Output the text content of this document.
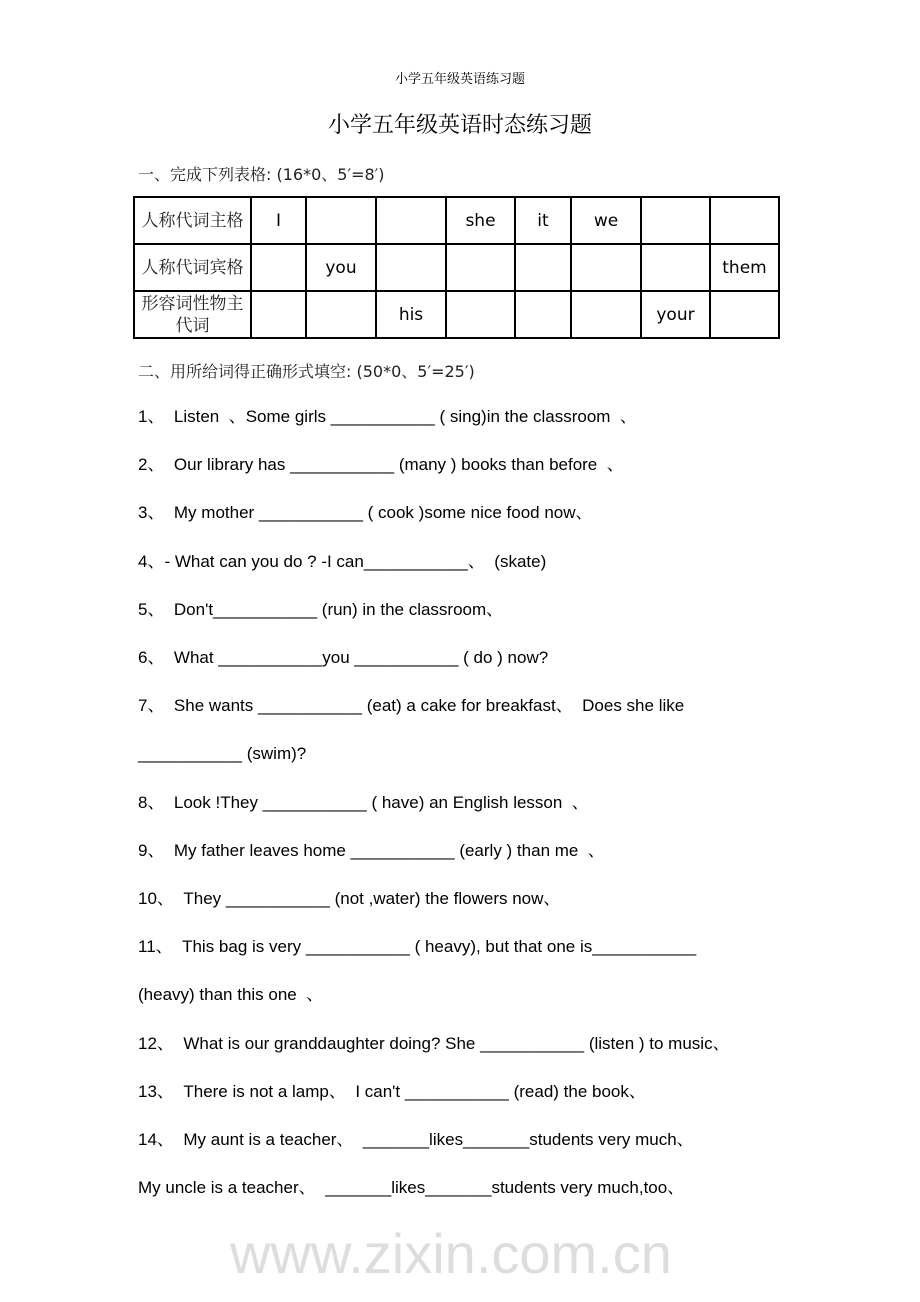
小学五年级英语练习题
小学五年级英语时态练习题
一、完成下列表格: (16*0、5′=8′)
人称代词主格	I			she	it	we		
人称代词宾格		you						them
形容词性物主代词			his				your	
二、用所给词得正确形式填空: (50*0、5′=25′)
1、  Listen  、Some girls ___________ ( sing)in the classroom  、
2、  Our library has ___________ (many ) books than before  、
3、  My mother ___________ ( cook )some nice food now、
4、- What can you do ? -I can___________、  (skate)
5、  Don't___________ (run) in the classroom、
6、  What ___________you ___________ ( do ) now?
7、  She wants ___________ (eat) a cake for breakfast、  Does she like
___________ (swim)?
8、  Look !They ___________ ( have) an English lesson  、
9、  My father leaves home ___________ (early ) than me  、
10、  They ___________ (not ,water) the flowers now、
11、  This bag is very ___________ ( heavy), but that one is___________
(heavy) than this one  、
12、  What is our granddaughter doing? She ___________ (listen ) to music、
13、  There is not a lamp、  I can't ___________ (read) the book、
14、  My aunt is a teacher、  _______likes_______students very much、
My uncle is a teacher、  _______likes_______students very much,too、
www.zixin.com.cn
